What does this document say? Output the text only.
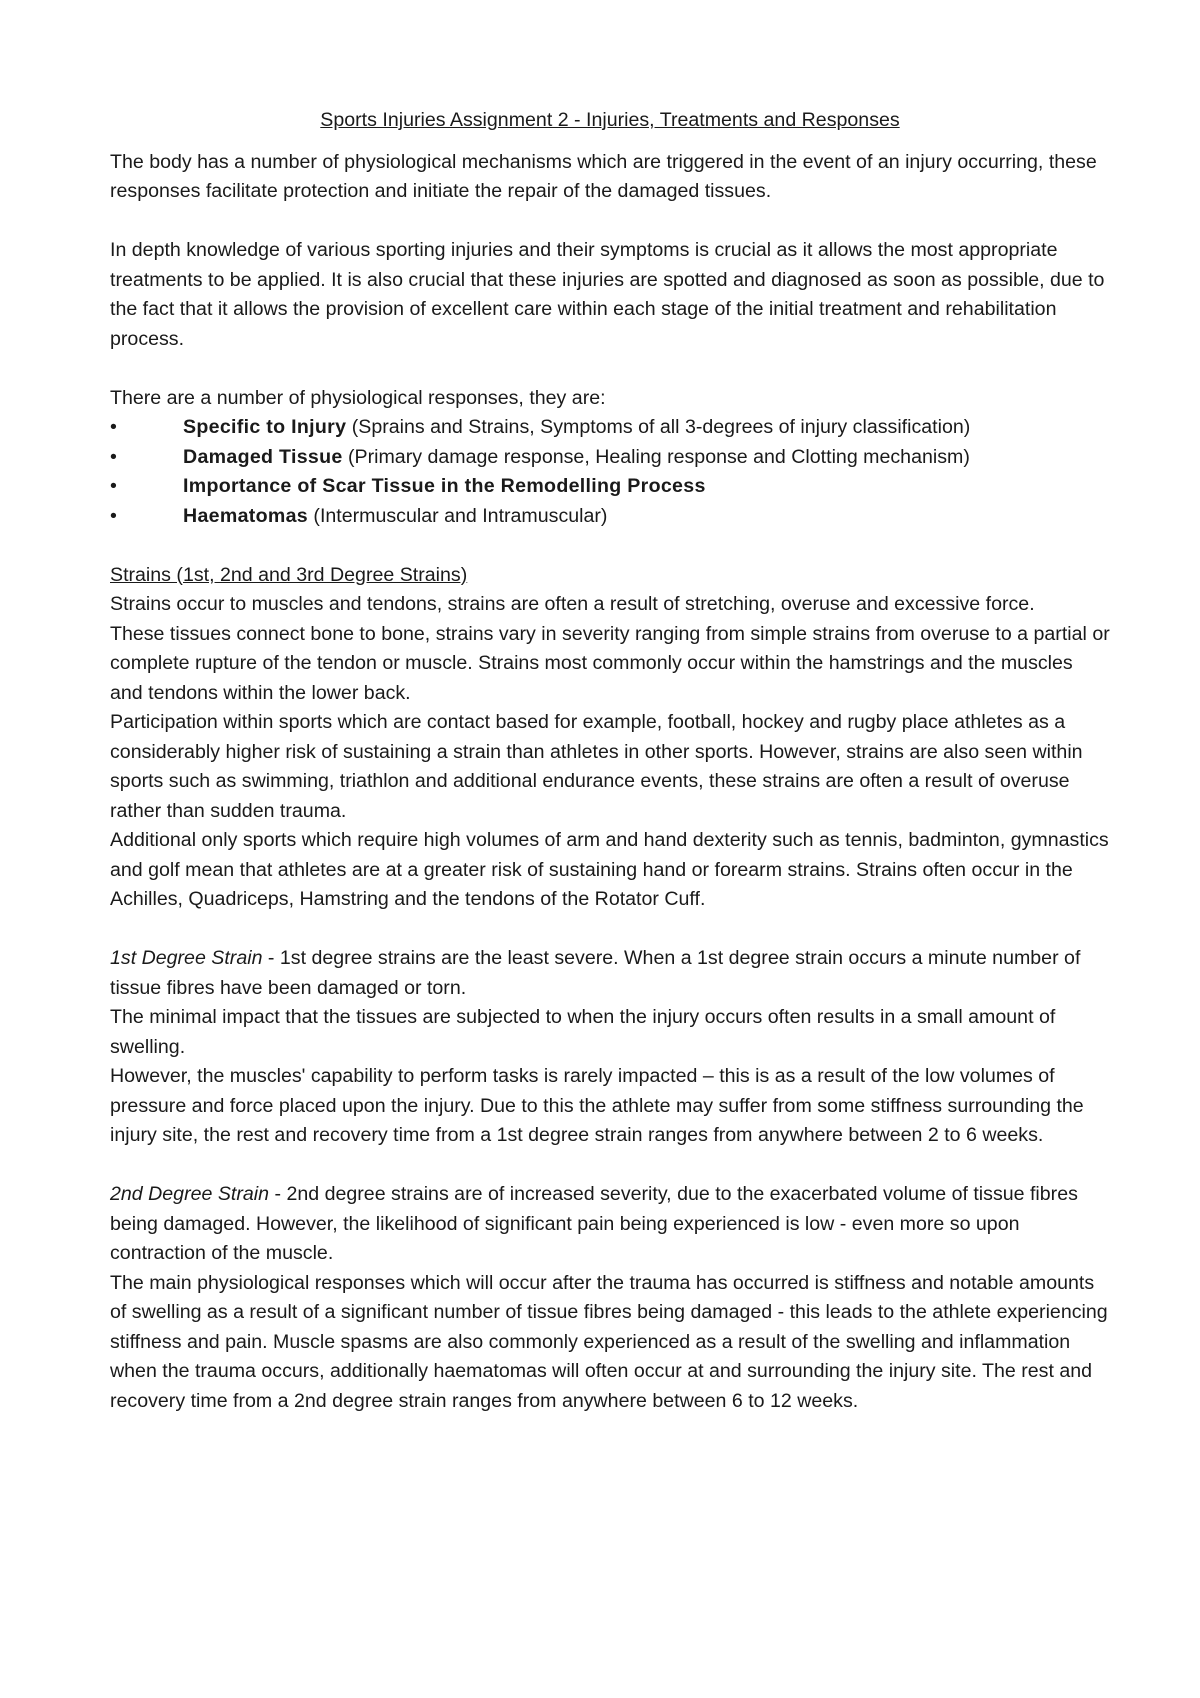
Sports Injuries Assignment 2 - Injuries, Treatments and Responses

The body has a number of physiological mechanisms which are triggered in the event of an injury occurring, these responses facilitate protection and initiate the repair of the damaged tissues.

In depth knowledge of various sporting injuries and their symptoms is crucial as it allows the most appropriate treatments to be applied. It is also crucial that these injuries are spotted and diagnosed as soon as possible, due to the fact that it allows the provision of excellent care within each stage of the initial treatment and rehabilitation process.

There are a number of physiological responses, they are:

•	Specific to Injury (Sprains and Strains, Symptoms of all 3-degrees of injury classification)
•	Damaged Tissue (Primary damage response, Healing response and Clotting mechanism)
•	Importance of Scar Tissue in the Remodelling Process
•	Haematomas (Intermuscular and Intramuscular)

Strains (1st, 2nd and 3rd Degree Strains)

Strains occur to muscles and tendons, strains are often a result of stretching, overuse and excessive force.

These tissues connect bone to bone, strains vary in severity ranging from simple strains from overuse to a partial or complete rupture of the tendon or muscle. Strains most commonly occur within the hamstrings and the muscles and tendons within the lower back.

Participation within sports which are contact based for example, football, hockey and rugby place athletes as a considerably higher risk of sustaining a strain than athletes in other sports. However, strains are also seen within sports such as swimming, triathlon and additional endurance events, these strains are often a result of overuse rather than sudden trauma.

Additional only sports which require high volumes of arm and hand dexterity such as tennis, badminton, gymnastics and golf mean that athletes are at a greater risk of sustaining hand or forearm strains. Strains often occur in the Achilles, Quadriceps, Hamstring and the tendons of the Rotator Cuff.

1st Degree Strain - 1st degree strains are the least severe. When a 1st degree strain occurs a minute number of tissue fibres have been damaged or torn.

The minimal impact that the tissues are subjected to when the injury occurs often results in a small amount of swelling.

However, the muscles' capability to perform tasks is rarely impacted – this is as a result of the low volumes of pressure and force placed upon the injury. Due to this the athlete may suffer from some stiffness surrounding the injury site, the rest and recovery time from a 1st degree strain ranges from anywhere between 2 to 6 weeks.

2nd Degree Strain - 2nd degree strains are of increased severity, due to the exacerbated volume of tissue fibres being damaged. However, the likelihood of significant pain being experienced is low - even more so upon contraction of the muscle.

The main physiological responses which will occur after the trauma has occurred is stiffness and notable amounts of swelling as a result of a significant number of tissue fibres being damaged - this leads to the athlete experiencing stiffness and pain. Muscle spasms are also commonly experienced as a result of the swelling and inflammation when the trauma occurs, additionally haematomas will often occur at and surrounding the injury site. The rest and recovery time from a 2nd degree strain ranges from anywhere between 6 to 12 weeks.
